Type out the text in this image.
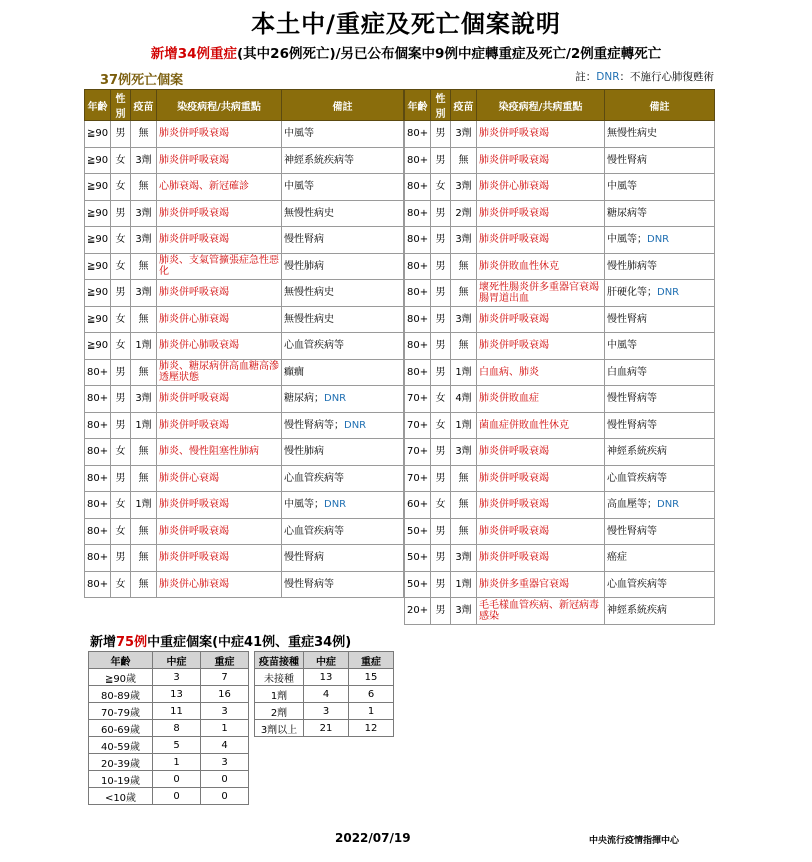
本土中/重症及死亡個案說明
新增34例重症(其中26例死亡)/另已公布個案中9例中症轉重症及死亡/2例重症轉死亡
37例死亡個案	註：DNR：不施行心肺復甦術
年齡	性別	疫苗	染疫病程/共病重點	備註
≧90	男	無	肺炎併呼吸衰竭	中風等
≧90	女	3劑	肺炎併呼吸衰竭	神經系統疾病等
≧90	女	無	心肺衰竭、新冠確診	中風等
≧90	男	3劑	肺炎併呼吸衰竭	無慢性病史
≧90	女	3劑	肺炎併呼吸衰竭	慢性腎病
≧90	女	無	肺炎、支氣管擴張症急性惡化	慢性肺病
≧90	男	3劑	肺炎併呼吸衰竭	無慢性病史
≧90	女	無	肺炎併心肺衰竭	無慢性病史
≧90	女	1劑	肺炎併心肺吸衰竭	心血管疾病等
80+	男	無	肺炎、糖尿病併高血糖高滲透壓狀態	癲癇
80+	男	3劑	肺炎併呼吸衰竭	糖尿病；DNR
80+	男	1劑	肺炎併呼吸衰竭	慢性腎病等；DNR
80+	女	無	肺炎、慢性阻塞性肺病	慢性肺病
80+	男	無	肺炎併心衰竭	心血管疾病等
80+	女	1劑	肺炎併呼吸衰竭	中風等；DNR
80+	女	無	肺炎併呼吸衰竭	心血管疾病等
80+	男	無	肺炎併呼吸衰竭	慢性腎病
80+	女	無	肺炎併心肺衰竭	慢性腎病等

年齡	性別	疫苗	染疫病程/共病重點	備註
80+	男	3劑	肺炎併呼吸衰竭	無慢性病史
80+	男	無	肺炎併呼吸衰竭	慢性腎病
80+	女	3劑	肺炎併心肺衰竭	中風等
80+	男	2劑	肺炎併呼吸衰竭	糖尿病等
80+	男	3劑	肺炎併呼吸衰竭	中風等；DNR
80+	男	無	肺炎併敗血性休克	慢性肺病等
80+	男	無	壞死性腸炎併多重器官衰竭腸胃道出血	肝硬化等；DNR
80+	男	3劑	肺炎併呼吸衰竭	慢性腎病
80+	男	無	肺炎併呼吸衰竭	中風等
80+	男	1劑	白血病、肺炎	白血病等
70+	女	4劑	肺炎併敗血症	慢性腎病等
70+	女	1劑	菌血症併敗血性休克	慢性腎病等
70+	男	3劑	肺炎併呼吸衰竭	神經系統疾病
70+	男	無	肺炎併呼吸衰竭	心血管疾病等
60+	女	無	肺炎併呼吸衰竭	高血壓等；DNR
50+	男	無	肺炎併呼吸衰竭	慢性腎病等
50+	男	3劑	肺炎併呼吸衰竭	癌症
50+	男	1劑	肺炎併多重器官衰竭	心血管疾病等
20+	男	3劑	毛毛樣血管疾病、新冠病毒感染	神經系統疾病
新增75例中重症個案(中症41例、重症34例)
年齡	中症	重症
≧90歲	3	7
80-89歲	13	16
70-79歲	11	3
60-69歲	8	1
40-59歲	5	4
20-39歲	1	3
10-19歲	0	0
<10歲	0	0
疫苗接種	中症	重症
未接種	13	15
1劑	4	6
2劑	3	1
3劑以上	21	12
2022/07/19	中央流行疫情指揮中心
